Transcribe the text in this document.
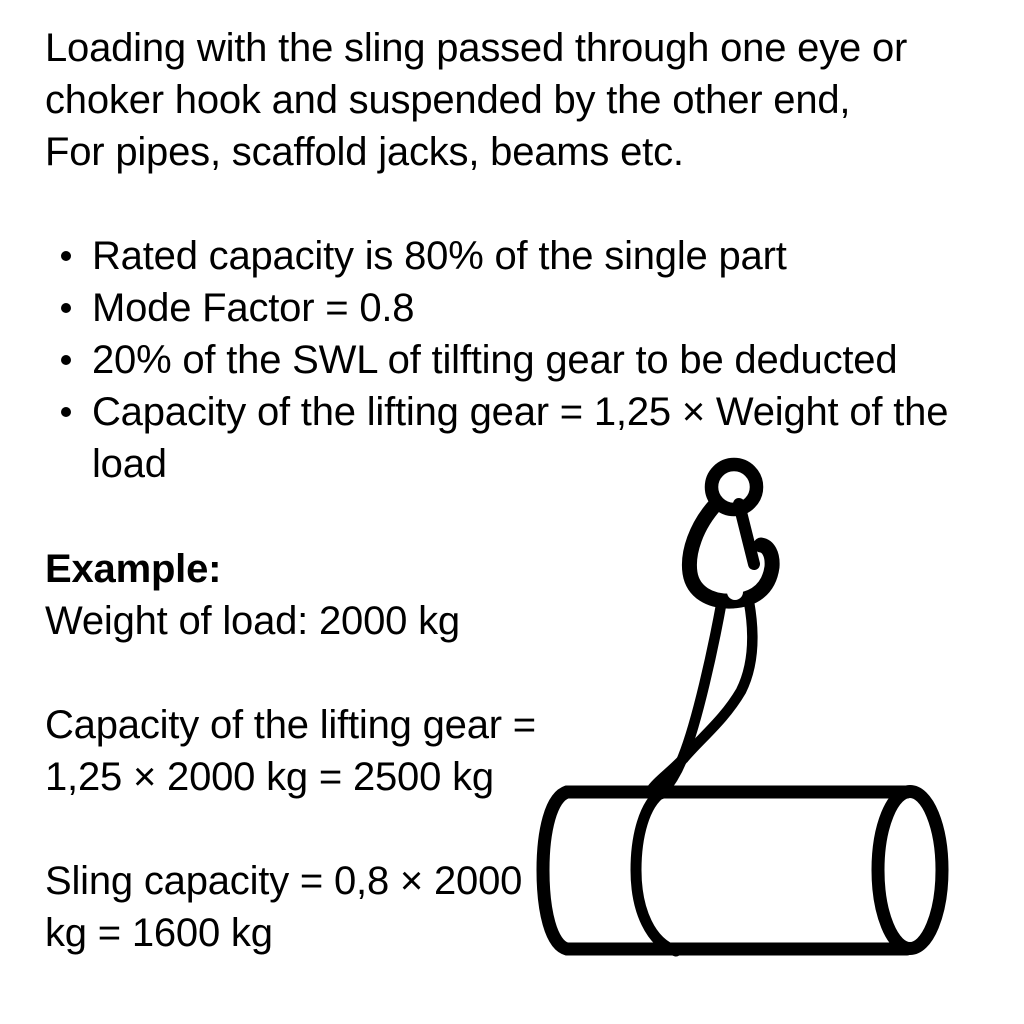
Loading with the sling passed through one eye or
choker hook and suspended by the other end,
For pipes, scaffold jacks, beams etc.
Rated capacity is 80% of the single part
Mode Factor = 0.8
20% of the SWL of tilfting gear to be deducted
Capacity of the lifting gear = 1,25 × Weight of the
load
Example:
Weight of load: 2000 kg
Capacity of the lifting gear =
1,25 × 2000 kg = 2500 kg
Sling capacity = 0,8 × 2000
kg = 1600 kg
